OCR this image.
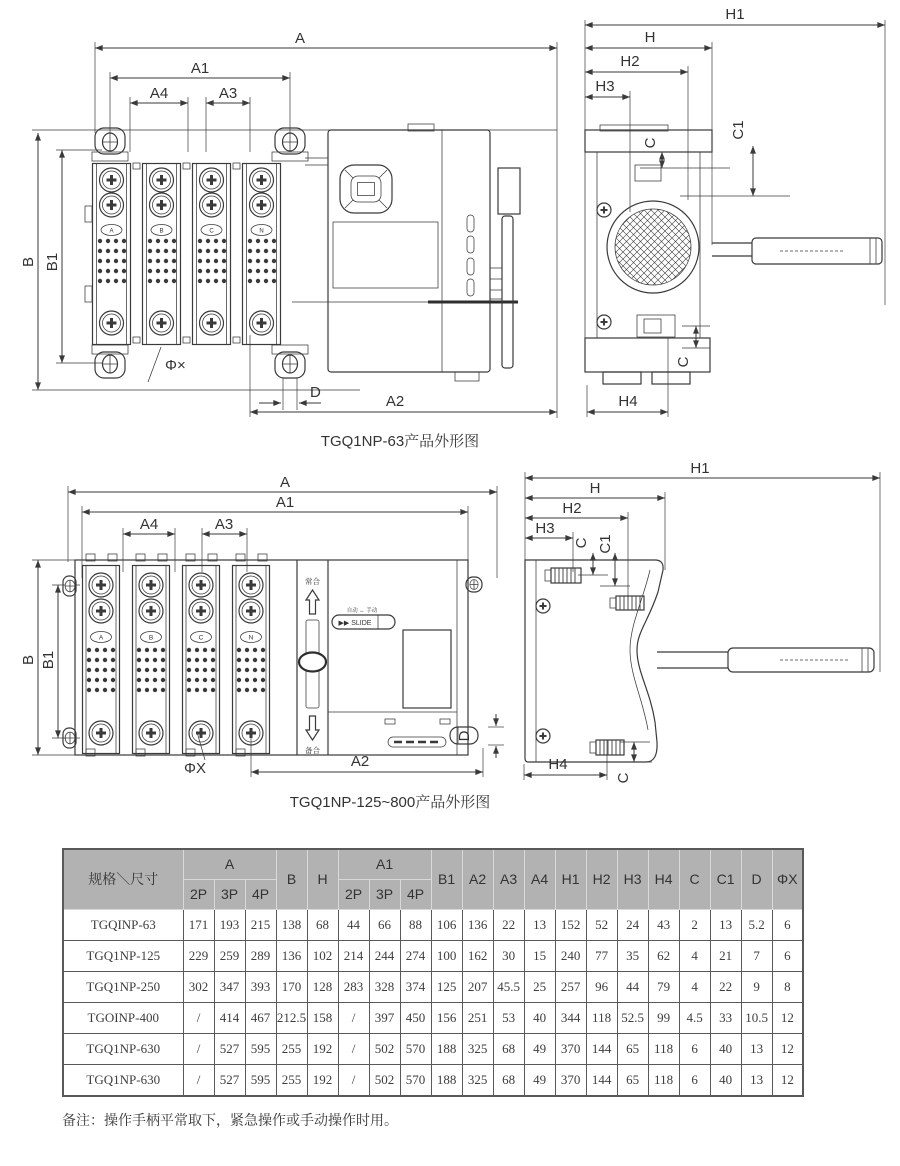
A
A1
A4	A3
B B1
A	B	C	N
Φ×
D
A2
H1
H
H2
H3
C
C1
H4
C
TGQ1NP-63产品外形图
A
A1
A4	A3
B B1
A	B	C	N
常合
备合
自动 ↔ 手动
▶▶ SLIDE
ΦX	A2
D
H1
H
H2
H3
C C1
H4
C
TGQ1NP-125~800产品外形图
规格＼尺寸	A			B	H	A1			B1	A2	A3	A4	H1	H2	H3	H4	C	C1	D	ΦX
	2P	3P	4P			2P	3P	4P												
TGQINP-63	171	193	215	138	68	44	66	88	106	136	22	13	152	52	24	43	2	13	5.2	6
TGQ1NP-125	229	259	289	136	102	214	244	274	100	162	30	15	240	77	35	62	4	21	7	6
TGQ1NP-250	302	347	393	170	128	283	328	374	125	207	45.5	25	257	96	44	79	4	22	9	8
TGOINP-400	/	414	467	212.5	158	/	397	450	156	251	53	40	344	118	52.5	99	4.5	33	10.5	12
TGQ1NP-630	/	527	595	255	192	/	502	570	188	325	68	49	370	144	65	118	6	40	13	12
TGQ1NP-630	/	527	595	255	192	/	502	570	188	325	68	49	370	144	65	118	6	40	13	12
备注：操作手柄平常取下，紧急操作或手动操作时用。
